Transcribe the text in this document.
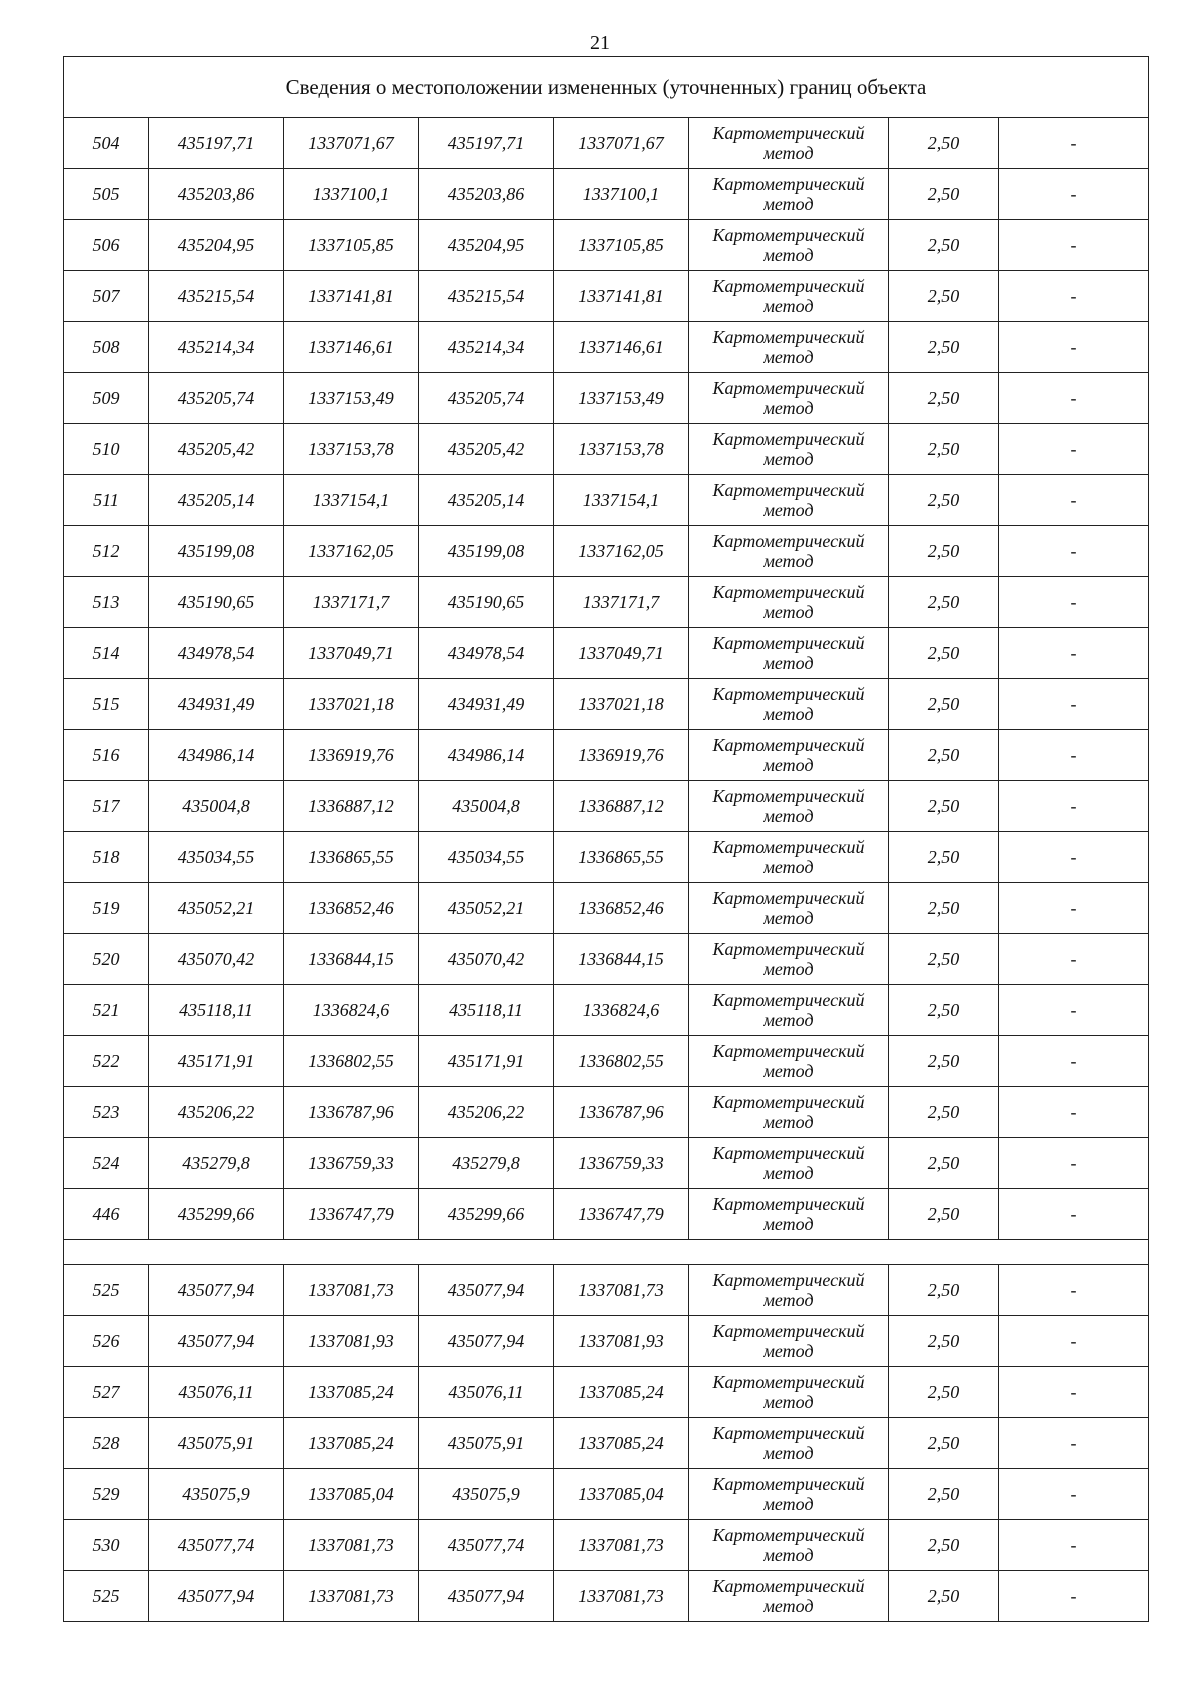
21
Сведения о местоположении измененных (уточненных) границ объекта							
504	435197,71	1337071,67	435197,71	1337071,67	Картометрический
метод	2,50	-
505	435203,86	1337100,1	435203,86	1337100,1	Картометрический
метод	2,50	-
506	435204,95	1337105,85	435204,95	1337105,85	Картометрический
метод	2,50	-
507	435215,54	1337141,81	435215,54	1337141,81	Картометрический
метод	2,50	-
508	435214,34	1337146,61	435214,34	1337146,61	Картометрический
метод	2,50	-
509	435205,74	1337153,49	435205,74	1337153,49	Картометрический
метод	2,50	-
510	435205,42	1337153,78	435205,42	1337153,78	Картометрический
метод	2,50	-
511	435205,14	1337154,1	435205,14	1337154,1	Картометрический
метод	2,50	-
512	435199,08	1337162,05	435199,08	1337162,05	Картометрический
метод	2,50	-
513	435190,65	1337171,7	435190,65	1337171,7	Картометрический
метод	2,50	-
514	434978,54	1337049,71	434978,54	1337049,71	Картометрический
метод	2,50	-
515	434931,49	1337021,18	434931,49	1337021,18	Картометрический
метод	2,50	-
516	434986,14	1336919,76	434986,14	1336919,76	Картометрический
метод	2,50	-
517	435004,8	1336887,12	435004,8	1336887,12	Картометрический
метод	2,50	-
518	435034,55	1336865,55	435034,55	1336865,55	Картометрический
метод	2,50	-
519	435052,21	1336852,46	435052,21	1336852,46	Картометрический
метод	2,50	-
520	435070,42	1336844,15	435070,42	1336844,15	Картометрический
метод	2,50	-
521	435118,11	1336824,6	435118,11	1336824,6	Картометрический
метод	2,50	-
522	435171,91	1336802,55	435171,91	1336802,55	Картометрический
метод	2,50	-
523	435206,22	1336787,96	435206,22	1336787,96	Картометрический
метод	2,50	-
524	435279,8	1336759,33	435279,8	1336759,33	Картометрический
метод	2,50	-
446	435299,66	1336747,79	435299,66	1336747,79	Картометрический
метод	2,50	-

525	435077,94	1337081,73	435077,94	1337081,73	Картометрический
метод	2,50	-
526	435077,94	1337081,93	435077,94	1337081,93	Картометрический
метод	2,50	-
527	435076,11	1337085,24	435076,11	1337085,24	Картометрический
метод	2,50	-
528	435075,91	1337085,24	435075,91	1337085,24	Картометрический
метод	2,50	-
529	435075,9	1337085,04	435075,9	1337085,04	Картометрический
метод	2,50	-
530	435077,74	1337081,73	435077,74	1337081,73	Картометрический
метод	2,50	-
525	435077,94	1337081,73	435077,94	1337081,73	Картометрический
метод	2,50	-
